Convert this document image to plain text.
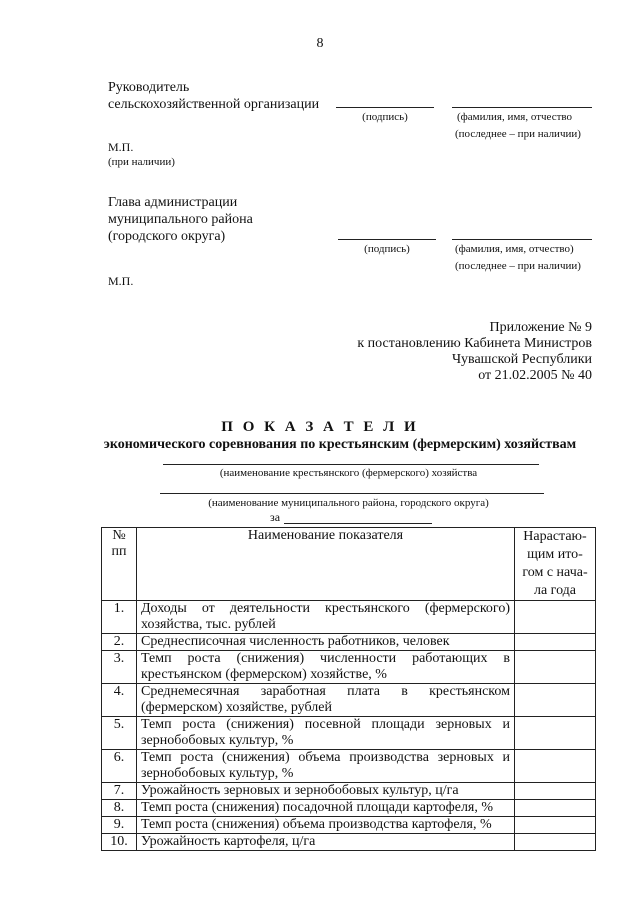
8
Руководитель
сельскохозяйственной организации
(подпись)	(фамилия, имя, отчество
(последнее – при наличии)
М.П.
(при наличии)
Глава администрации
муниципального района
(городского округа)
(подпись)	(фамилия, имя, отчество)
(последнее – при наличии)
М.П.
Приложение № 9
к постановлению Кабинета Министров
Чувашской Республики
от 21.02.2005 № 40
П О К А З А Т Е Л И
экономического соревнования по крестьянским (фермерским) хозяйствам
(наименование крестьянского (фермерского) хозяйства
(наименование муниципального района, городского округа)
за
№
пп	Наименование показателя	Нарастаю-щим ито-гом с нача-ла года
1.	Доходы от деятельности крестьянского (фермерского) хозяйства, тыс. рублей	
2.	Среднесписочная численность работников, человек	
3.	Темп роста (снижения) численности работающих в крестьянском (фермерском) хозяйстве, %	
4.	Среднемесячная заработная плата в крестьянском (фермерском) хозяйстве, рублей	
5.	Темп роста (снижения) посевной площади зерновых и зернобобовых культур, %	
6.	Темп роста (снижения) объема производства зерновых и зернобобовых культур, %	
7.	Урожайность зерновых и зернобобовых культур, ц/га	
8.	Темп роста (снижения) посадочной площади картофеля, %	
9.	Темп роста (снижения) объема производства картофеля, %	
10.	Урожайность картофеля, ц/га	
